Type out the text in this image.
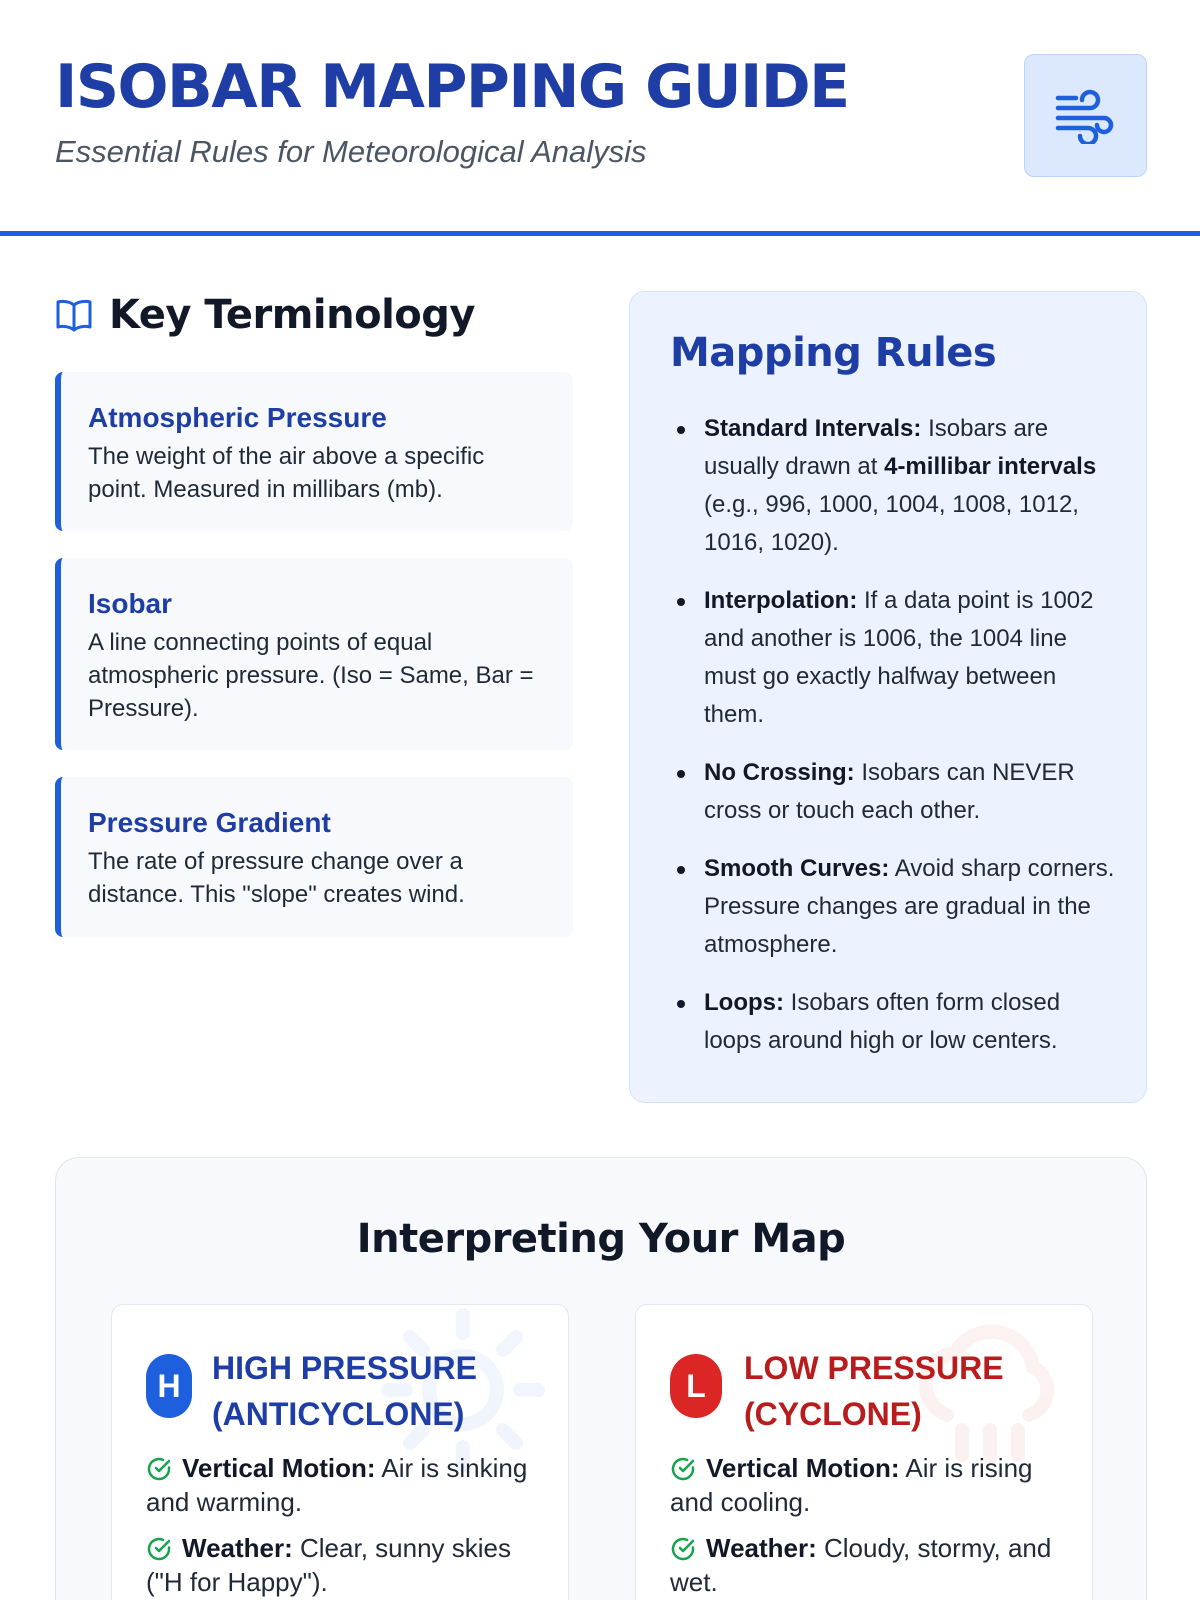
ISOBAR MAPPING GUIDE
Essential Rules for Meteorological Analysis
Key Terminology
Atmospheric Pressure
The weight of the air above a specific point. Measured in millibars (mb).
Isobar
A line connecting points of equal atmospheric pressure. (Iso = Same, Bar = Pressure).
Pressure Gradient
The rate of pressure change over a distance. This "slope" creates wind.
Mapping Rules
Standard Intervals: Isobars are usually drawn at 4-millibar intervals (e.g., 996, 1000, 1004, 1008, 1012, 1016, 1020).
Interpolation: If a data point is 1002 and another is 1006, the 1004 line must go exactly halfway between them.
No Crossing: Isobars can NEVER cross or touch each other.
Smooth Curves: Avoid sharp corners. Pressure changes are gradual in the atmosphere.
Loops: Isobars often form closed loops around high or low centers.
Interpreting Your Map
H HIGH PRESSURE
(ANTICYCLONE)
Vertical Motion: Air is sinking and warming.
Weather: Clear, sunny skies ("H for Happy").
L	LOW PRESSURE
(CYCLONE)
Vertical Motion: Air is rising and cooling.
Weather: Cloudy, stormy, and wet.
